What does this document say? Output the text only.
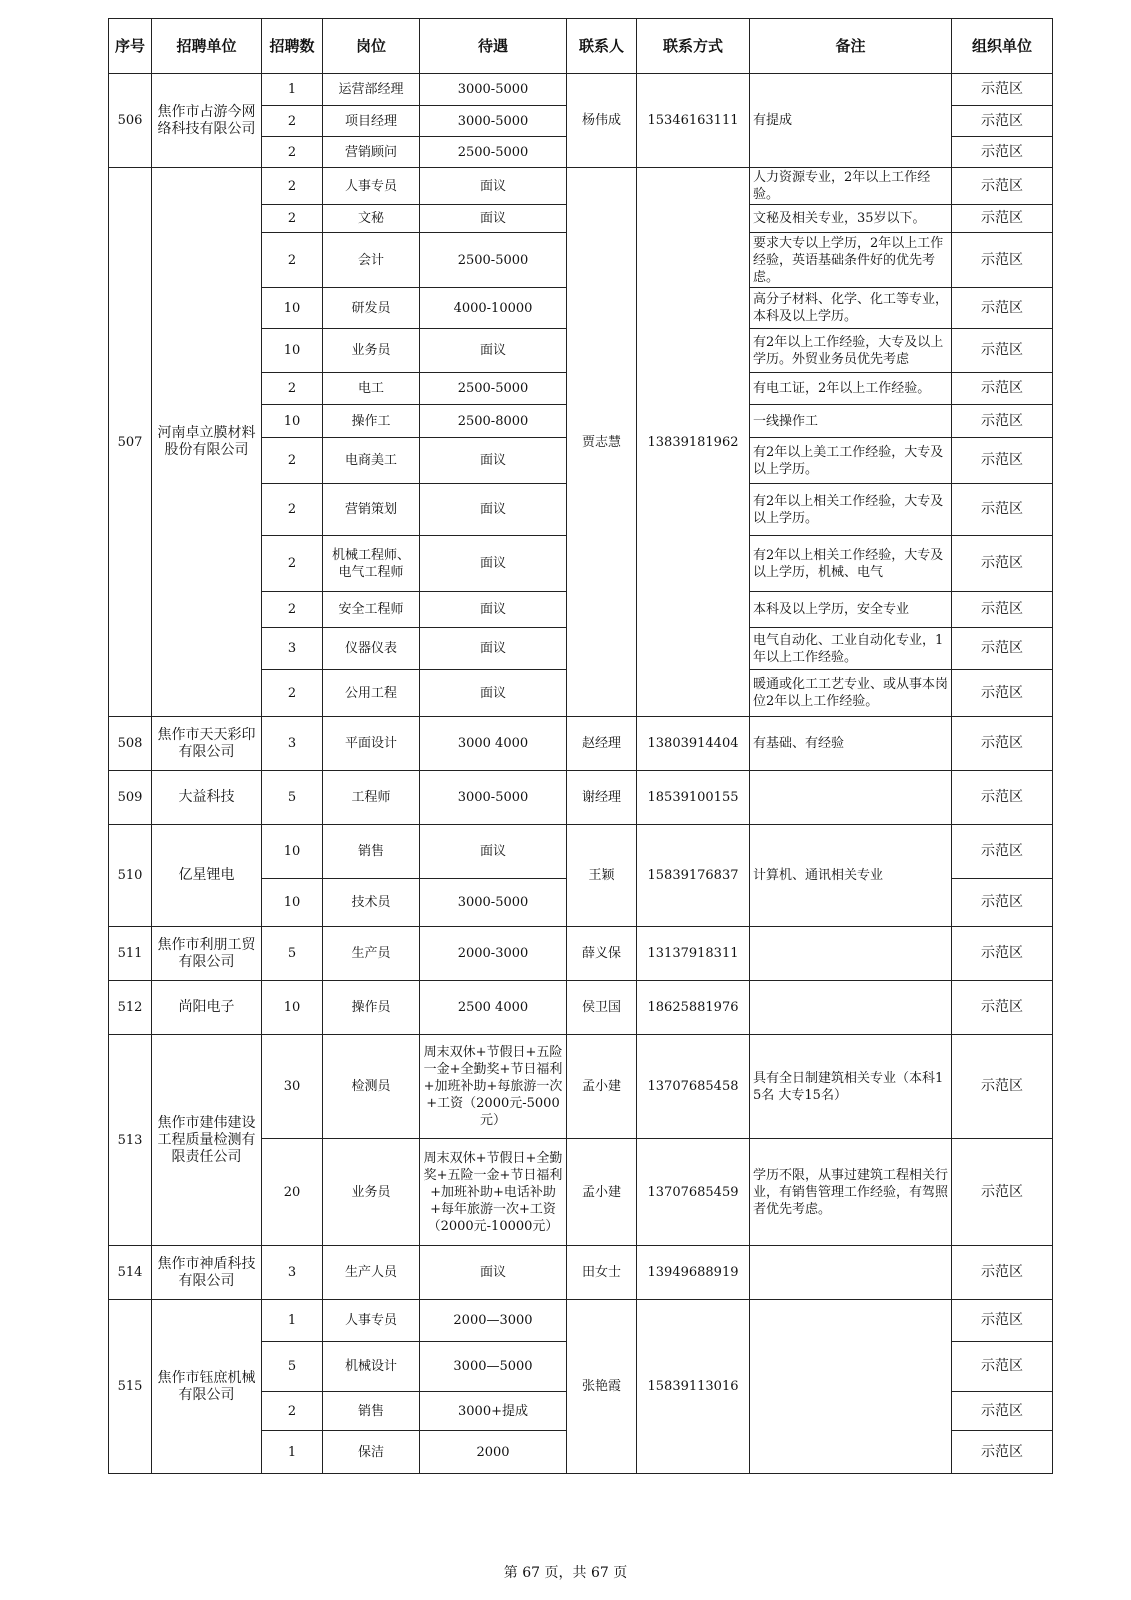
序号	招聘单位	招聘数	岗位	待遇	联系人	联系方式	备注	组织单位
506	焦作市占游今网络科技有限公司	1	运营部经理	3000-5000	杨伟成	15346163111	有提成	示范区
		2	项目经理	3000-5000				示范区
		2	营销顾问	2500-5000				示范区
507	河南卓立膜材料股份有限公司	2	人事专员	面议	贾志慧	13839181962	人力资源专业，2年以上工作经验。	示范区
		2	文秘	面议			文秘及相关专业，35岁以下。	示范区
		2	会计	2500-5000			要求大专以上学历，2年以上工作经验，英语基础条件好的优先考虑。	示范区
		10	研发员	4000-10000			高分子材料、化学、化工等专业，本科及以上学历。	示范区
		10	业务员	面议			有2年以上工作经验，大专及以上学历。外贸业务员优先考虑	示范区
		2	电工	2500-5000			有电工证，2年以上工作经验。	示范区
		10	操作工	2500-8000			一线操作工	示范区
		2	电商美工	面议			有2年以上美工工作经验，大专及以上学历。	示范区
		2	营销策划	面议			有2年以上相关工作经验，大专及以上学历。	示范区
		2	机械工程师、电气工程师	面议			有2年以上相关工作经验，大专及以上学历，机械、电气	示范区
		2	安全工程师	面议			本科及以上学历，安全专业	示范区
		3	仪器仪表	面议			电气自动化、工业自动化专业，1年以上工作经验。	示范区
		2	公用工程	面议			暖通或化工工艺专业、或从事本岗位2年以上工作经验。	示范区
508	焦作市天天彩印有限公司	3	平面设计	3000 4000	赵经理	13803914404	有基础、有经验	示范区
509	大益科技	5	工程师	3000-5000	谢经理	18539100155		示范区
510	亿星锂电	10	销售	面议	王颖	15839176837	计算机、通讯相关专业	示范区
		10	技术员	3000-5000				示范区
511	焦作市利朋工贸有限公司	5	生产员	2000-3000	薛义保	13137918311		示范区
512	尚阳电子	10	操作员	2500 4000	侯卫国	18625881976		示范区
513	焦作市建伟建设工程质量检测有限责任公司	30	检测员	周末双休+节假日+五险一金+全勤奖+节日福利+加班补助+每旅游一次+工资（2000元-5000元）	孟小建	13707685458	具有全日制建筑相关专业（本科15名 大专15名）	示范区
		20	业务员	周末双休+节假日+全勤奖+五险一金+节日福利+加班补助+电话补助+每年旅游一次+工资（2000元-10000元）	孟小建	13707685459	学历不限，从事过建筑工程相关行业，有销售管理工作经验，有驾照者优先考虑。	示范区
514	焦作市神盾科技有限公司	3	生产人员	面议	田女士	13949688919		示范区
515	焦作市钰庶机械有限公司	1	人事专员	2000—3000	张艳霞	15839113016		示范区
		5	机械设计	3000—5000				示范区
		2	销售	3000+提成				示范区
		1	保洁	2000				示范区
第 67 页，共 67 页
